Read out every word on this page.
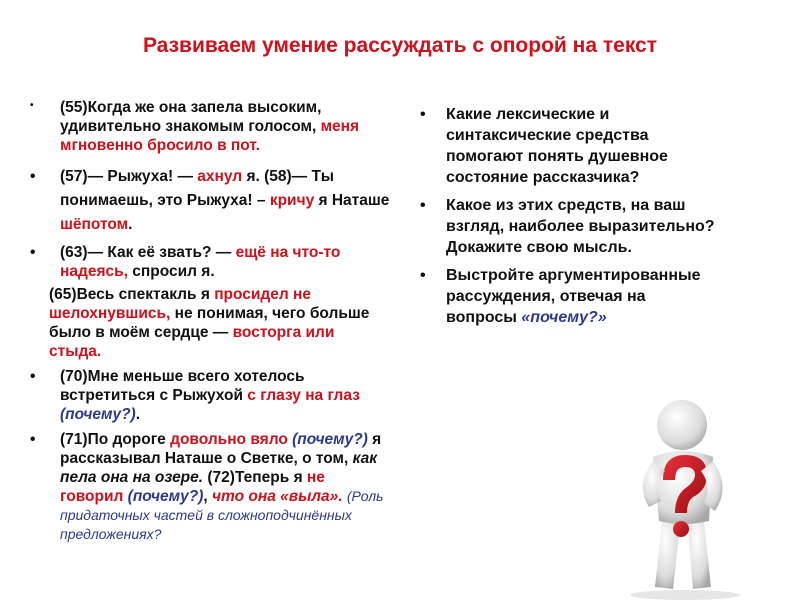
Развиваем умение рассуждать с опорой на текст
• (55)Когда же она запела высоким, удивительно знакомым голосом, меня мгновенно бросило в пот.
• (57)— Рыжуха! — ахнул я. (58)— Ты понимаешь, это Рыжуха! – кричу я Наташе шёпотом.
• (63)— Как её звать? — ещё на что-то надеясь, спросил я.
(65)Весь спектакль я просидел не шелохнувшись, не понимая, чего больше было в моём сердце — восторга или стыда.
• (70)Мне меньше всего хотелось встретиться с Рыжухой с глазу на глаз (почему?).
• (71)По дороге довольно вяло (почему?) я рассказывал Наташе о Светке, о том, как пела она на озере. (72)Теперь я не говорил (почему?), что она «выла». (Роль придаточных частей в сложноподчинённых предложениях?
• Какие лексические и синтаксические средства помогают понять душевное состояние рассказчика?
• Какое из этих средств, на ваш взгляд, наиболее выразительно? Докажите свою мысль.
• Выстройте аргументированные рассуждения, отвечая на вопросы «почему?»
